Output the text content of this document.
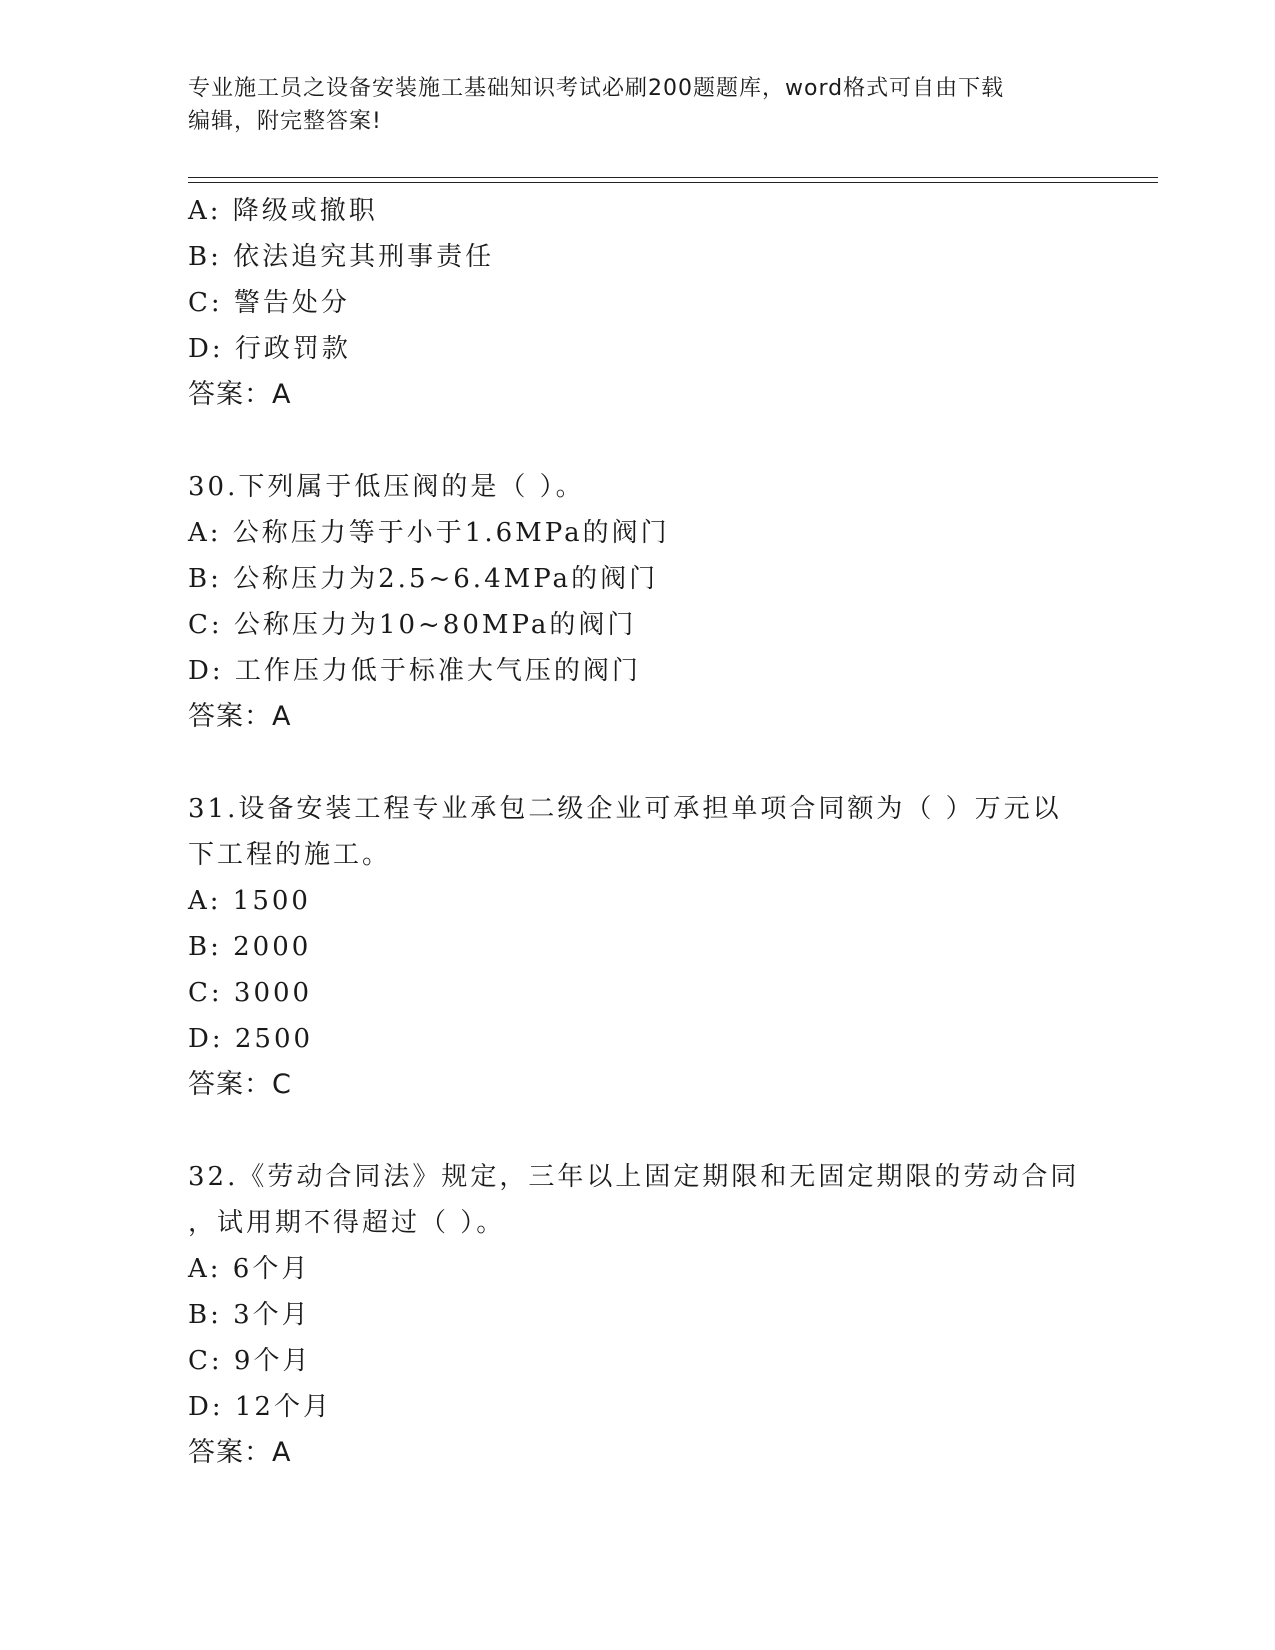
专业施工员之设备安装施工基础知识考试必刷200题题库，word格式可自由下载
编辑，附完整答案!
A: 降级或撤职
B: 依法追究其刑事责任
C: 警告处分
D: 行政罚款
答案：A
30.下列属于低压阀的是（ ）。
A: 公称压力等于小于1.6MPa的阀门
B: 公称压力为2.5~6.4MPa的阀门
C: 公称压力为10~80MPa的阀门
D: 工作压力低于标准大气压的阀门
答案：A
31.设备安装工程专业承包二级企业可承担单项合同额为（ ）万元以
下工程的施工。
A: 1500
B: 2000
C: 3000
D: 2500
答案：C
32.《劳动合同法》规定，三年以上固定期限和无固定期限的劳动合同
，试用期不得超过（ ）。
A: 6个月
B: 3个月
C: 9个月
D: 12个月
答案：A
